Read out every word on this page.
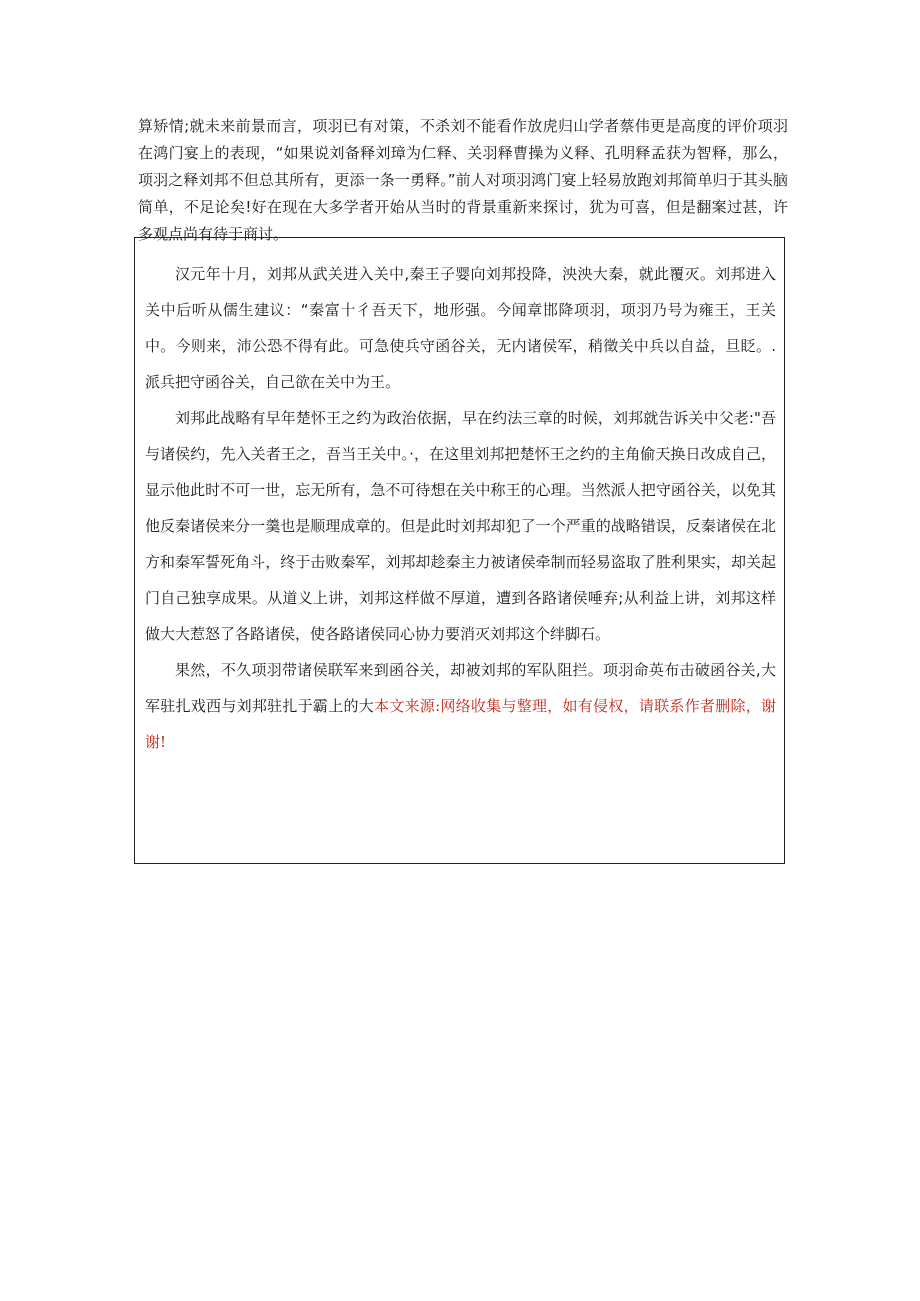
算矫情;就未来前景而言，项羽已有对策，不杀刘不能看作放虎归山学者蔡伟更是高度的评价项羽在鸿门宴上的表现，“如果说刘备释刘璋为仁释、关羽释曹操为义释、孔明释孟获为智释，那么，项羽之释刘邦不但总其所有，更添一条一勇释。”前人对项羽鸿门宴上轻易放跑刘邦简单归于其头脑简单，不足论矣!好在现在大多学者开始从当时的背景重新来探讨，犹为可喜，但是翻案过甚，许多观点尚有待于商讨。

汉元年十月，刘邦从武关进入关中,秦王子婴向刘邦投降，泱泱大秦，就此覆灭。刘邦进入关中后听从儒生建议：“秦富十彳吾天下，地形强。今闻章邯降项羽，项羽乃号为雍王，王关中。今则来，沛公恐不得有此。可急使兵守函谷关，无内诸侯军，稍徵关中兵以自益，旦眨。.派兵把守函谷关，自己欲在关中为王。

刘邦此战略有早年楚怀王之约为政治依据，早在约法三章的时候，刘邦就告诉关中父老:"吾与诸侯约，先入关者王之，吾当王关中。·，在这里刘邦把楚怀王之约的主角偷天换日改成自己，显示他此时不可一世，忘无所有，急不可待想在关中称王的心理。当然派人把守函谷关，以免其他反秦诸侯来分一羹也是顺理成章的。但是此时刘邦却犯了一个严重的战略错误，反秦诸侯在北方和秦军誓死角斗，终于击败秦军，刘邦却趁秦主力被诸侯牵制而轻易盗取了胜利果实，却关起门自己独享成果。从道义上讲，刘邦这样做不厚道，遭到各路诸侯唾弃;从利益上讲，刘邦这样做大大惹怒了各路诸侯，使各路诸侯同心协力要消灭刘邦这个绊脚石。

果然，不久项羽带诸侯联军来到函谷关，却被刘邦的军队阻拦。项羽命英布击破函谷关,大军驻扎戏西与刘邦驻扎于霸上的大本文来源:网络收集与整理，如有侵权，请联系作者删除，谢谢!
